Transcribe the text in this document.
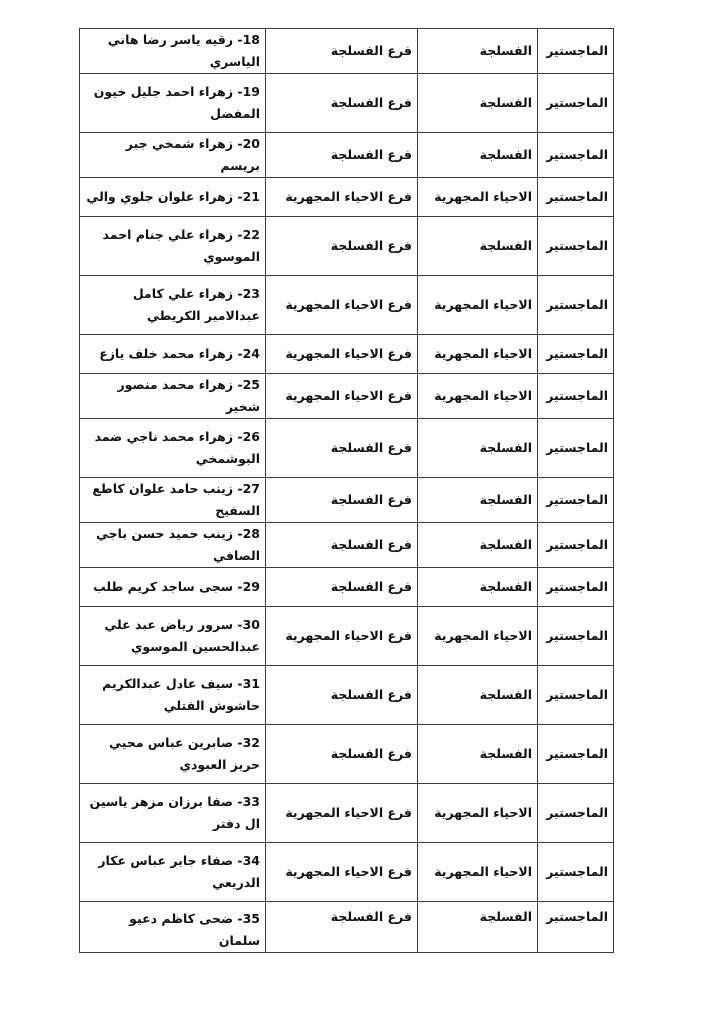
الماجستير	الفسلجة	فرع الفسلجة	18- رقيه ياسر رضا هاني الياسري
الماجستير	الفسلجة	فرع الفسلجة	19- زهراء احمد جليل خيون المفضل
الماجستير	الفسلجة	فرع الفسلجة	20- زهراء شمخي جبر بريسم
الماجستير	الاحياء المجهرية	فرع الاحياء المجهرية	21- زهراء علوان جلوي والي
الماجستير	الفسلجة	فرع الفسلجة	22- زهراء علي جنام احمد الموسوي
الماجستير	الاحياء المجهرية	فرع الاحياء المجهرية	23- زهراء علي كامل عبدالامير الكريطي
الماجستير	الاحياء المجهرية	فرع الاحياء المجهرية	24- زهراء محمد خلف يازع
الماجستير	الاحياء المجهرية	فرع الاحياء المجهرية	25- زهراء محمد منصور شخير
الماجستير	الفسلجة	فرع الفسلجة	26- زهراء محمد ناجي ضمد البوشمخي
الماجستير	الفسلجة	فرع الفسلجة	27- زينب حامد علوان كاطع السفيح
الماجستير	الفسلجة	فرع الفسلجة	28- زينب حميد حسن باجي الصافي
الماجستير	الفسلجة	فرع الفسلجة	29- سجى ساجد كريم طلب
الماجستير	الاحياء المجهرية	فرع الاحياء المجهرية	30- سرور رياض عبد علي عبدالحسين الموسوي
الماجستير	الفسلجة	فرع الفسلجة	31- سيف عادل عبدالكريم حاشوش الفتلي
الماجستير	الفسلجة	فرع الفسلجة	32- صابرين عباس محيي حريز العبودي
الماجستير	الاحياء المجهرية	فرع الاحياء المجهرية	33- صفا برزان مزهر ياسين ال دفتر
الماجستير	الاحياء المجهرية	فرع الاحياء المجهرية	34- صفاء جابر عباس عكار الدريعي
الماجستير	الفسلجة	فرع الفسلجة	35- ضحى كاظم دعيو سلمان
